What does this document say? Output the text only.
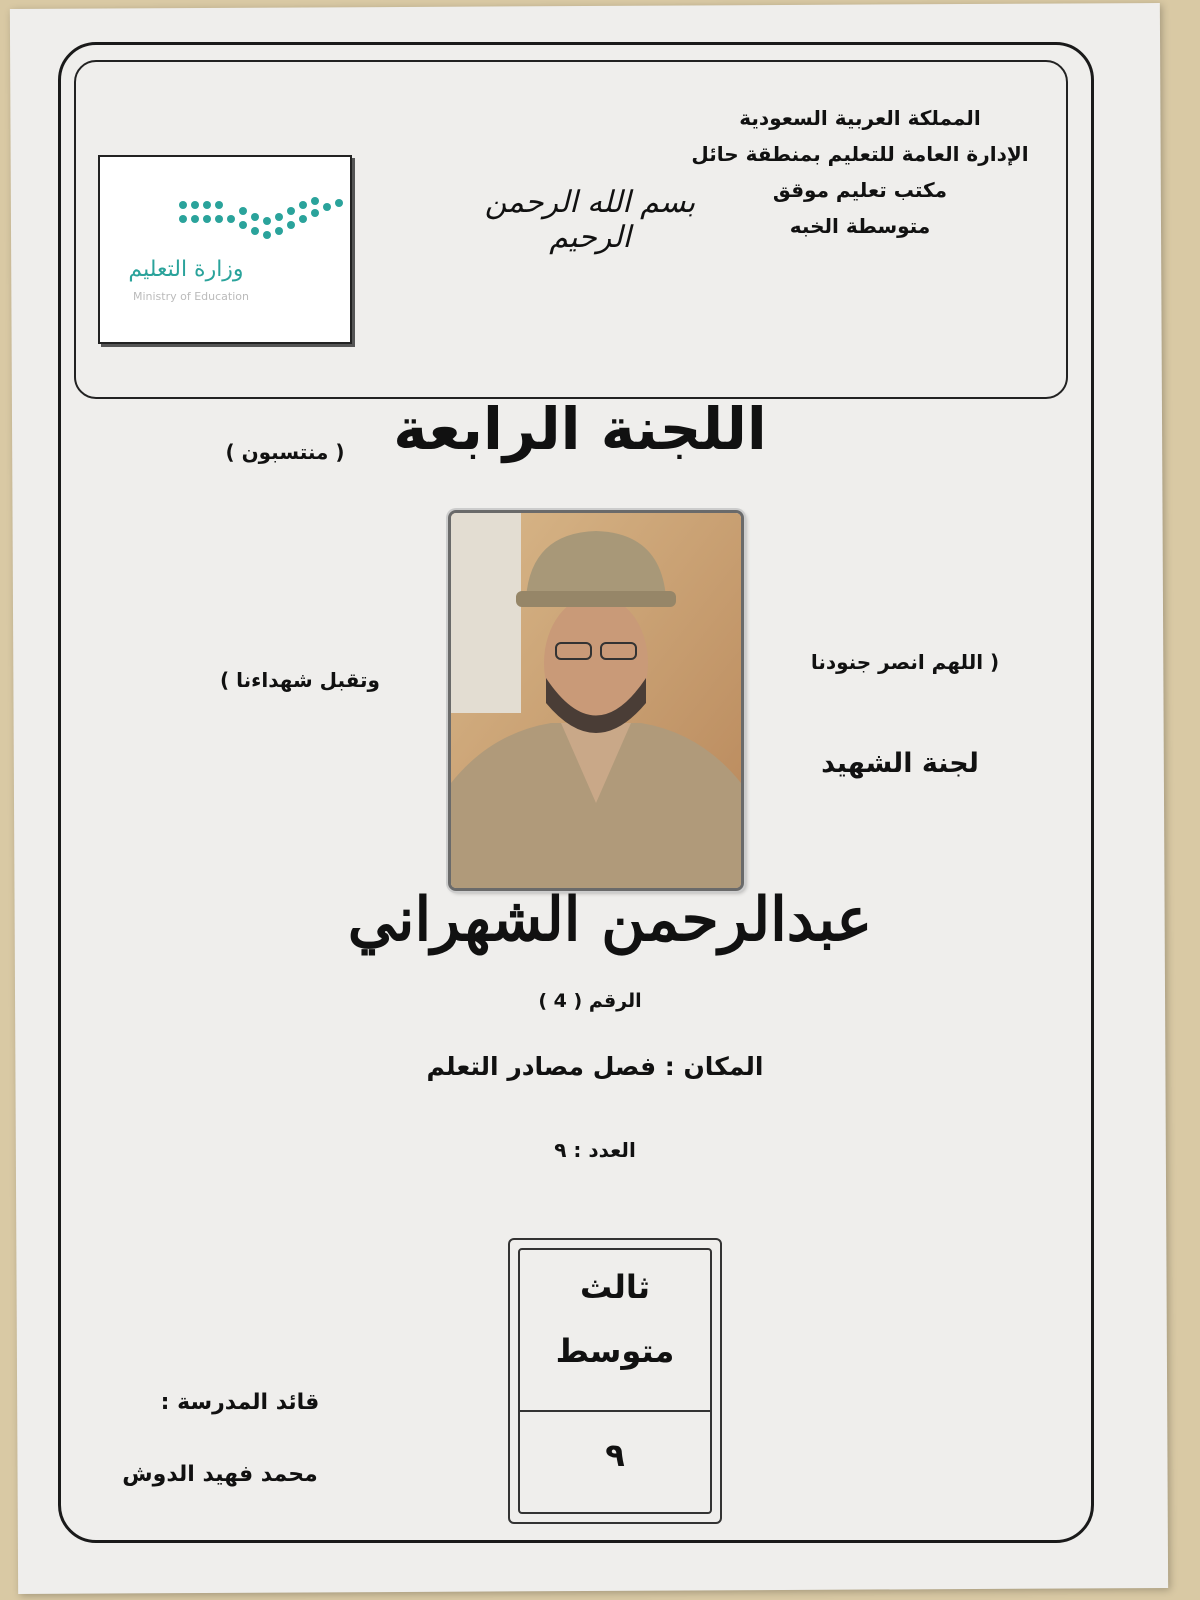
المملكة العربية السعودية
الإدارة العامة للتعليم بمنطقة حائل
مكتب تعليم موقق
متوسطة الخبه
بسم الله الرحمن الرحيم
وزارة التعليم
Ministry of Education
اللجنة الرابعة
( منتسبون )
( اللهم انصر جنودنا
وتقبل شهداءنا )
لجنة الشهيد
عبدالرحمن الشهراني
الرقم ( 4 )
المكان : فصل مصادر التعلم
العدد : ٩
ثالث
متوسط
٩
قائد المدرسة :
محمد فهيد الدوش
